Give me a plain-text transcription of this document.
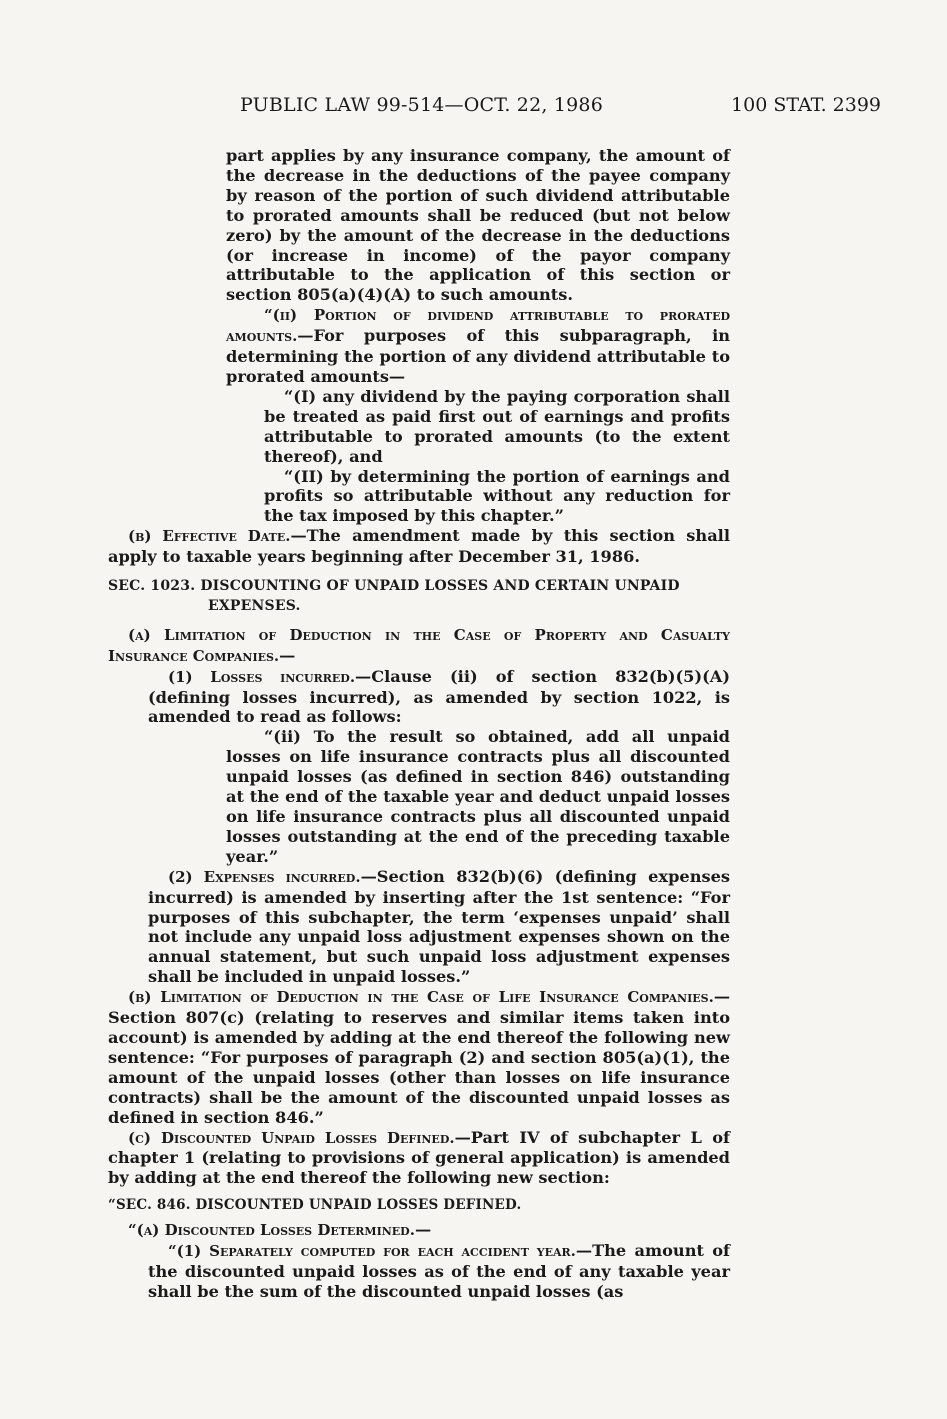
PUBLIC LAW 99-514—OCT. 22, 1986	100 STAT. 2399

part applies by any insurance company, the amount of the decrease in the deductions of the payee company by reason of the portion of such dividend attributable to prorated amounts shall be reduced (but not below zero) by the amount of the decrease in the deductions (or increase in income) of the payor company attributable to the application of this section or section 805(a)(4)(A) to such amounts.

“(ii) Portion of dividend attributable to prorated amounts.—For purposes of this subparagraph, in determining the portion of any dividend attributable to prorated amounts—

“(I) any dividend by the paying corporation shall be treated as paid first out of earnings and profits attributable to prorated amounts (to the extent thereof), and

“(II) by determining the portion of earnings and profits so attributable without any reduction for the tax imposed by this chapter.”

(b) Effective Date.—The amendment made by this section shall apply to taxable years beginning after December 31, 1986.

SEC. 1023. DISCOUNTING OF UNPAID LOSSES AND CERTAIN UNPAID
EXPENSES.

(a) Limitation of Deduction in the Case of Property and Casualty Insurance Companies.—

(1) Losses incurred.—Clause (ii) of section 832(b)(5)(A) (defining losses incurred), as amended by section 1022, is amended to read as follows:

“(ii) To the result so obtained, add all unpaid losses on life insurance contracts plus all discounted unpaid losses (as defined in section 846) outstanding at the end of the taxable year and deduct unpaid losses on life insurance contracts plus all discounted unpaid losses outstanding at the end of the preceding taxable year.”

(2) Expenses incurred.—Section 832(b)(6) (defining expenses incurred) is amended by inserting after the 1st sentence: “For purposes of this subchapter, the term ‘expenses unpaid’ shall not include any unpaid loss adjustment expenses shown on the annual statement, but such unpaid loss adjustment expenses shall be included in unpaid losses.”

(b) Limitation of Deduction in the Case of Life Insurance Companies.—Section 807(c) (relating to reserves and similar items taken into account) is amended by adding at the end thereof the following new sentence: “For purposes of paragraph (2) and section 805(a)(1), the amount of the unpaid losses (other than losses on life insurance contracts) shall be the amount of the discounted unpaid losses as defined in section 846.”

(c) Discounted Unpaid Losses Defined.—Part IV of subchapter L of chapter 1 (relating to provisions of general application) is amended by adding at the end thereof the following new section:

“SEC. 846. DISCOUNTED UNPAID LOSSES DEFINED.

“(a) Discounted Losses Determined.—

“(1) Separately computed for each accident year.—The amount of the discounted unpaid losses as of the end of any taxable year shall be the sum of the discounted unpaid losses (as
